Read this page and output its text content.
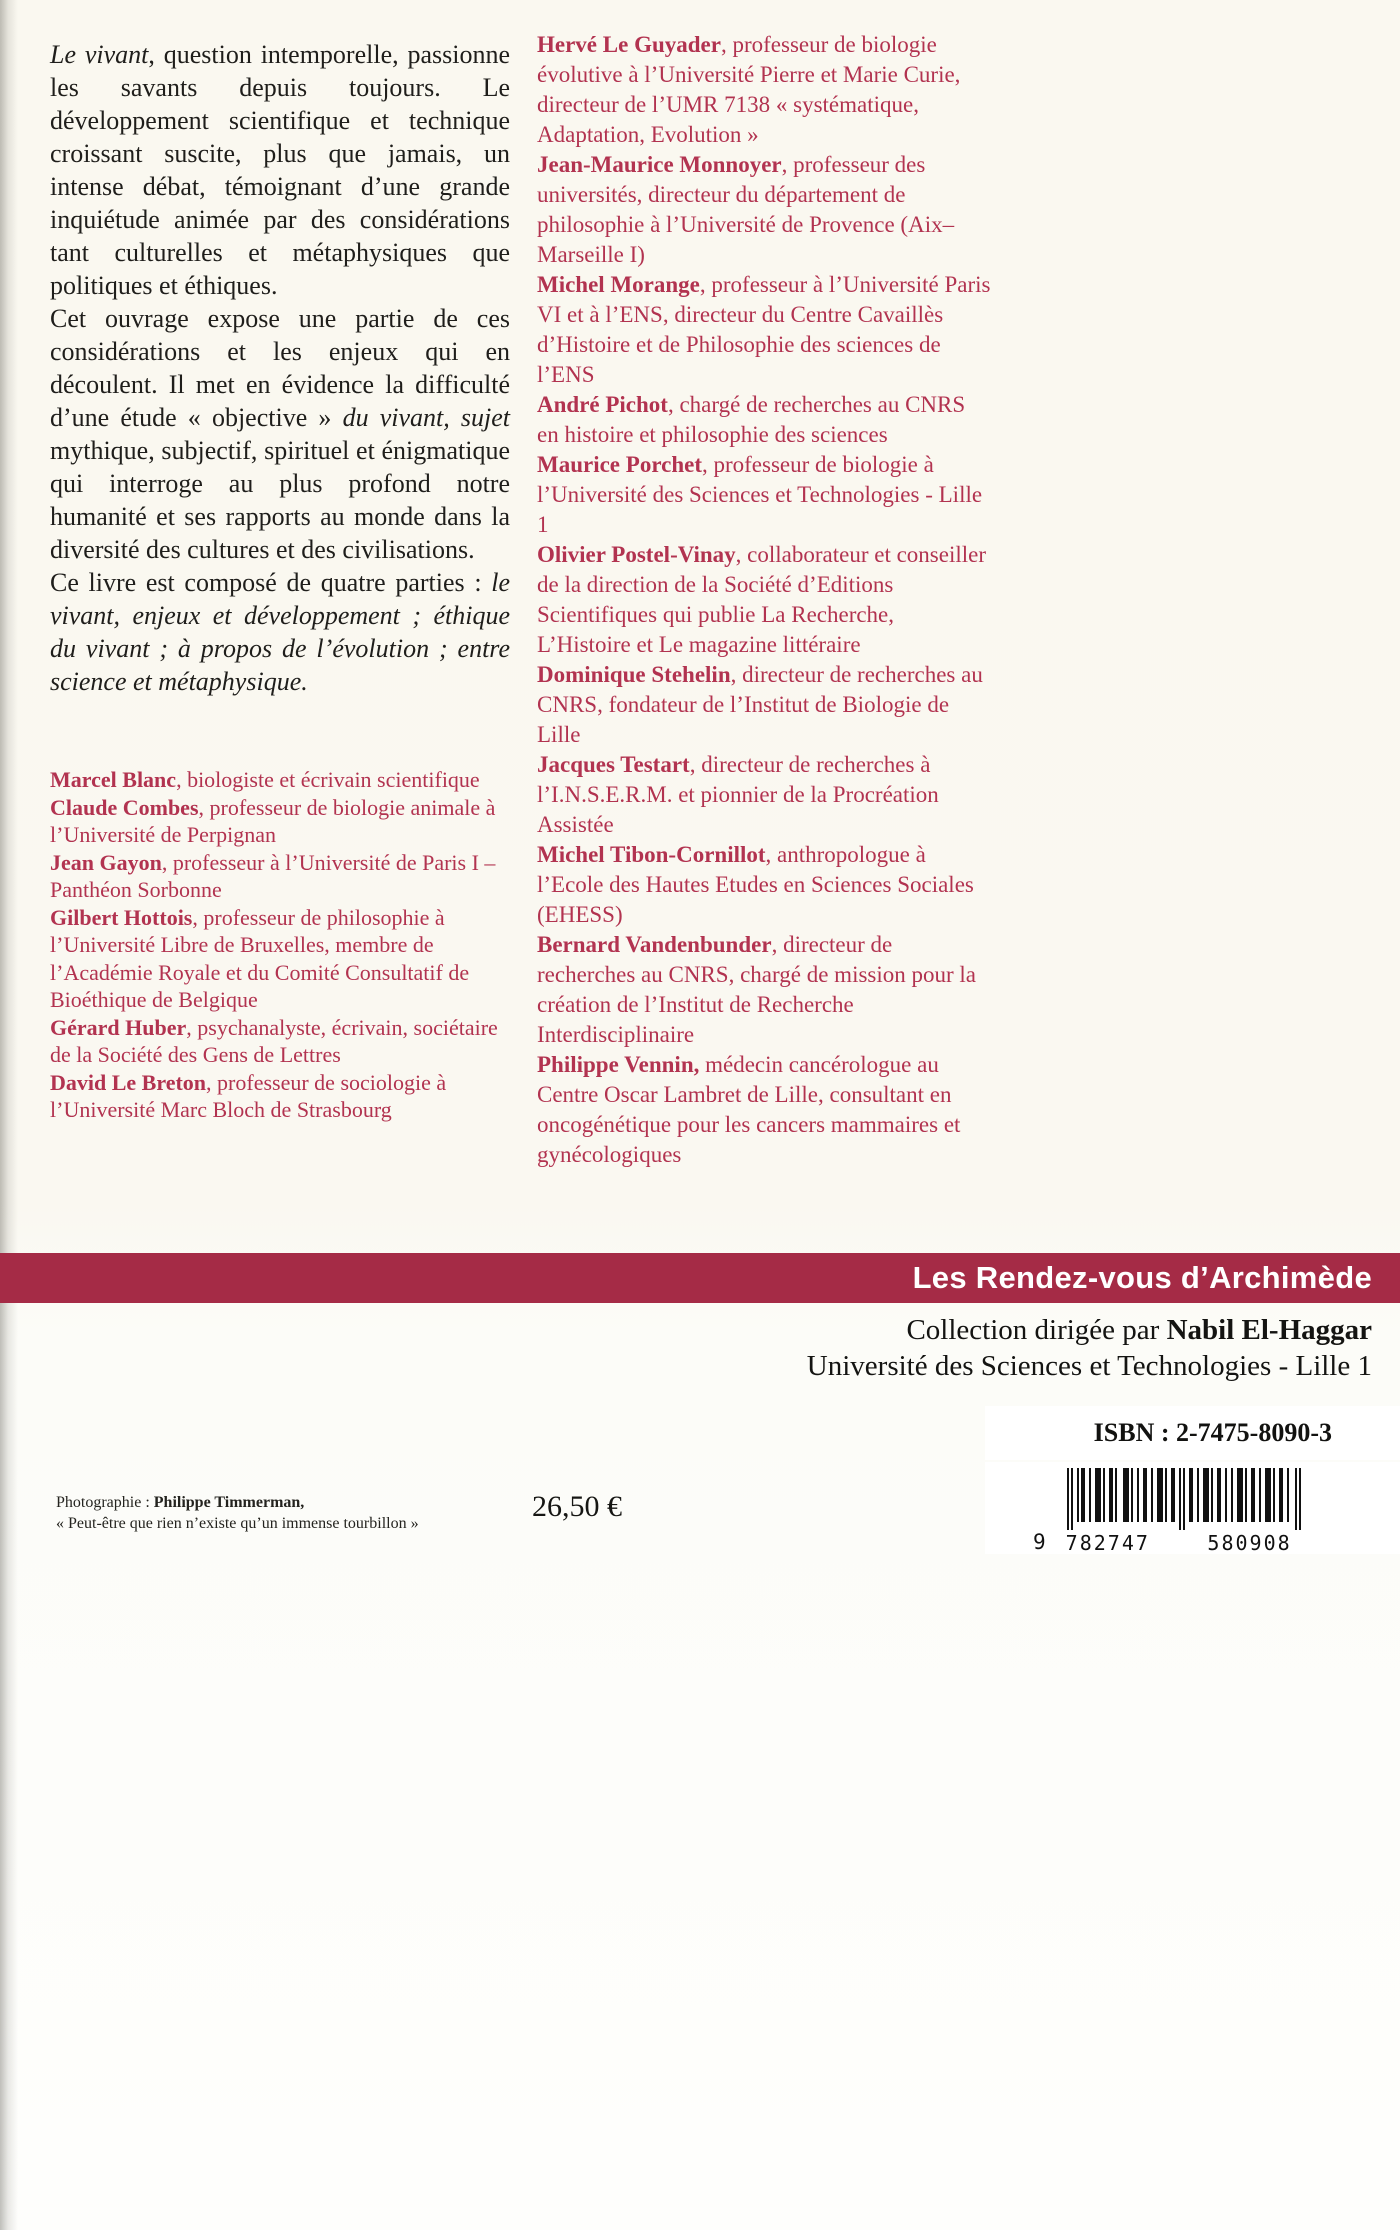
Le vivant, question intemporelle, passionne les savants depuis toujours. Le développement scientifique et technique croissant suscite, plus que jamais, un intense débat, témoignant d’une grande inquiétude animée par des considérations tant culturelles et métaphysiques que politiques et éthiques.

Cet ouvrage expose une partie de ces considérations et les enjeux qui en découlent. Il met en évidence la difficulté d’une étude « objective » du vivant, sujet mythique, subjectif, spirituel et énigmatique qui interroge au plus profond notre humanité et ses rapports au monde dans la diversité des cultures et des civilisations.

Ce livre est composé de quatre parties : le vivant, enjeux et développement ; éthique du vivant ; à propos de l’évolution ; entre science et métaphysique.

Marcel Blanc, biologiste et écrivain scientifique

Claude Combes, professeur de biologie animale à l’Université de Perpignan

Jean Gayon, professeur à l’Université de Paris I – Panthéon Sorbonne

Gilbert Hottois, professeur de philosophie à l’Université Libre de Bruxelles, membre de l’Académie Royale et du Comité Consultatif de Bioéthique de Belgique

Gérard Huber, psychanalyste, écrivain, sociétaire de la Société des Gens de Lettres

David Le Breton, professeur de sociologie à l’Université Marc Bloch de Strasbourg

Hervé Le Guyader, professeur de biologie évolutive à l’Université Pierre et Marie Curie, directeur de l’UMR 7138 « systématique, Adaptation, Evolution »

Jean-Maurice Monnoyer, professeur des universités, directeur du département de philosophie à l’Université de Provence (Aix–Marseille I)

Michel Morange, professeur à l’Université Paris VI et à l’ENS, directeur du Centre Cavaillès d’Histoire et de Philosophie des sciences de l’ENS

André Pichot, chargé de recherches au CNRS en histoire et philosophie des sciences

Maurice Porchet, professeur de biologie à l’Université des Sciences et Technologies - Lille 1

Olivier Postel-Vinay, collaborateur et conseiller de la direction de la Société d’Editions Scientifiques qui publie La Recherche, L’Histoire et Le magazine littéraire

Dominique Stehelin, directeur de recherches au CNRS, fondateur de l’Institut de Biologie de Lille

Jacques Testart, directeur de recherches à l’I.N.S.E.R.M. et pionnier de la Procréation Assistée

Michel Tibon-Cornillot, anthropologue à l’Ecole des Hautes Etudes en Sciences Sociales (EHESS)

Bernard Vandenbunder, directeur de recherches au CNRS, chargé de mission pour la création de l’Institut de Recherche Interdisciplinaire

Philippe Vennin, médecin cancérologue au Centre Oscar Lambret de Lille, consultant en oncogénétique pour les cancers mammaires et gynécologiques

Les Rendez-vous d’Archimède
Collection dirigée par Nabil El-Haggar
Université des Sciences et Technologies - Lille 1
ISBN : 2-7475-8090-3
9 782747	580908
26,50 €
Photographie : Philippe Timmerman,
« Peut-être que rien n’existe qu’un immense tourbillon »
